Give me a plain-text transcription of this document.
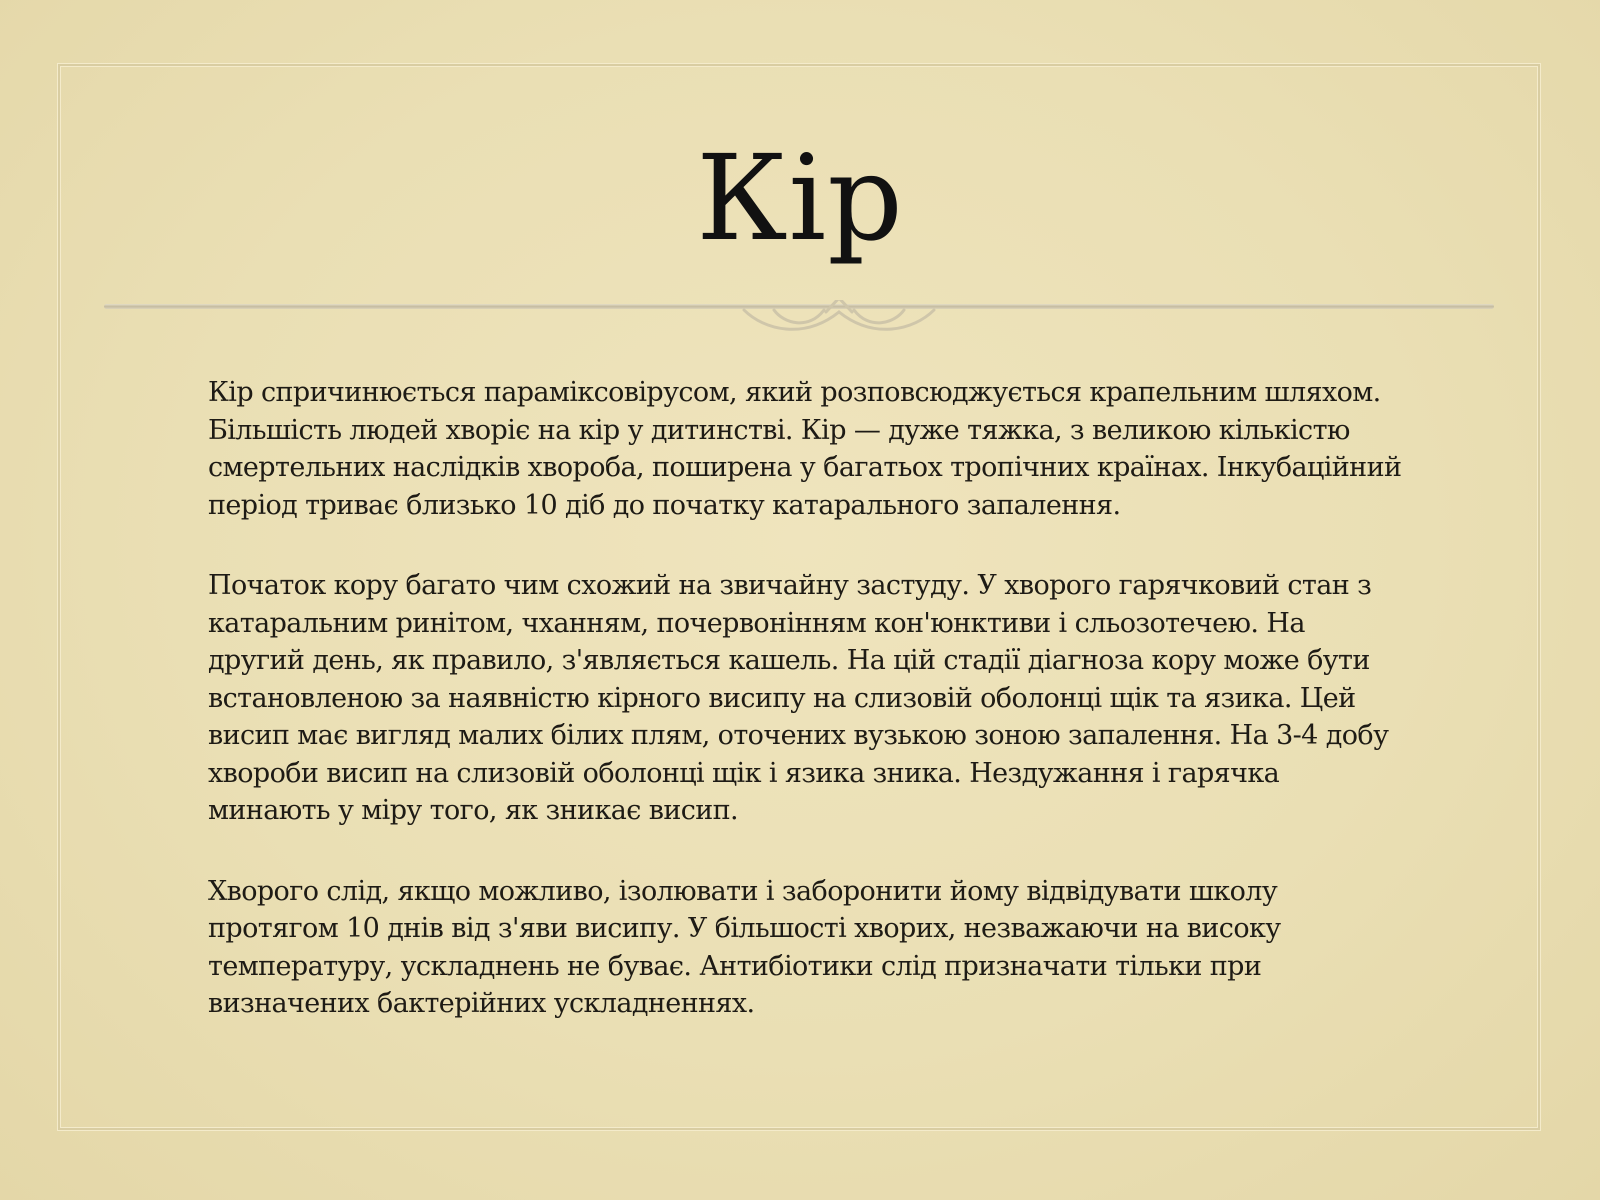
Кір

Кір спричинюється параміксовірусом, який розповсюджується крапельним шляхом. Більшість людей хворіє на кір у дитинстві. Кір — дуже тяжка, з великою кількістю смертельних наслідків хвороба, поширена у багатьох тропічних країнах. Інкубаційний період триває близько 10 діб до початку катарального запалення.

Початок кору багато чим схожий на звичайну застуду. У хворого гарячковий стан з катаральним ринітом, чханням, почервонінням кон'юнктиви і сльозотечею. На другий день, як правило, з'являється кашель. На цій стадії діагноза кору може бути встановленою за наявністю кірного висипу на слизовій оболонці щік та язика. Цей висип має вигляд малих білих плям, оточених вузькою зоною запалення. На 3-4 добу хвороби висип на слизовій оболонці щік і язика зника. Нездужання і гарячка минають у міру того, як зникає висип.

Хворого слід, якщо можливо, ізолювати і заборонити йому відвідувати школу протягом 10 днів від з'яви висипу. У більшості хворих, незважаючи на високу температуру, ускладнень не буває. Антибіотики слід призначати тільки при визначених бактерійних ускладненнях.
